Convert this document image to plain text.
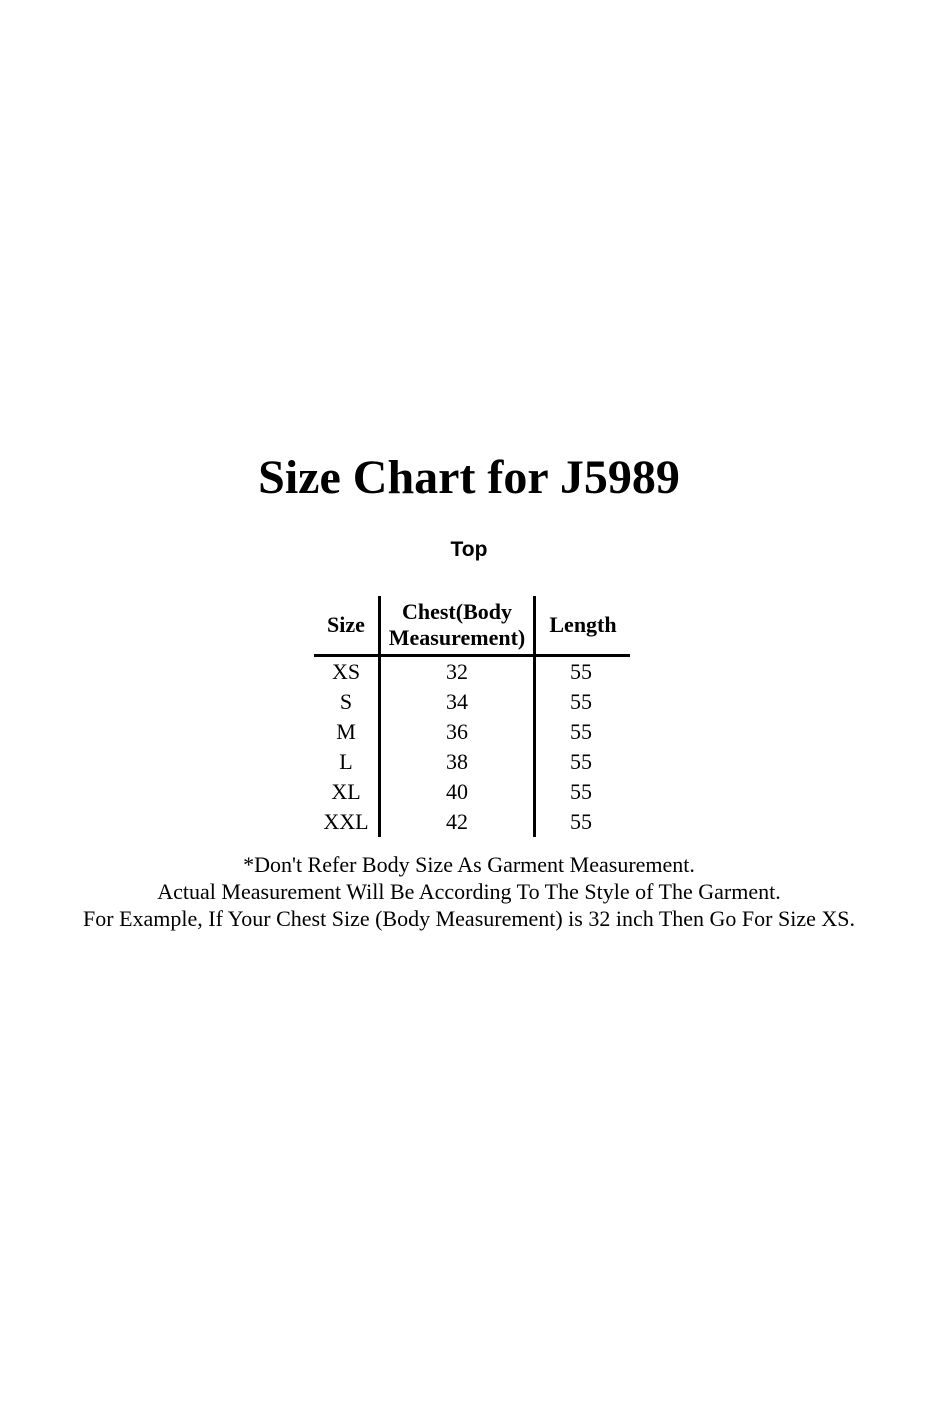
Size Chart for J5989
Top
Size	Chest(Body Measurement)	Length
XS	32	55
S	34	55
M	36	55
L	38	55
XL	40	55
XXL	42	55
*Don't Refer Body Size As Garment Measurement.
Actual Measurement Will Be According To The Style of The Garment.
For Example, If Your Chest Size (Body Measurement) is 32 inch Then Go For Size XS.
